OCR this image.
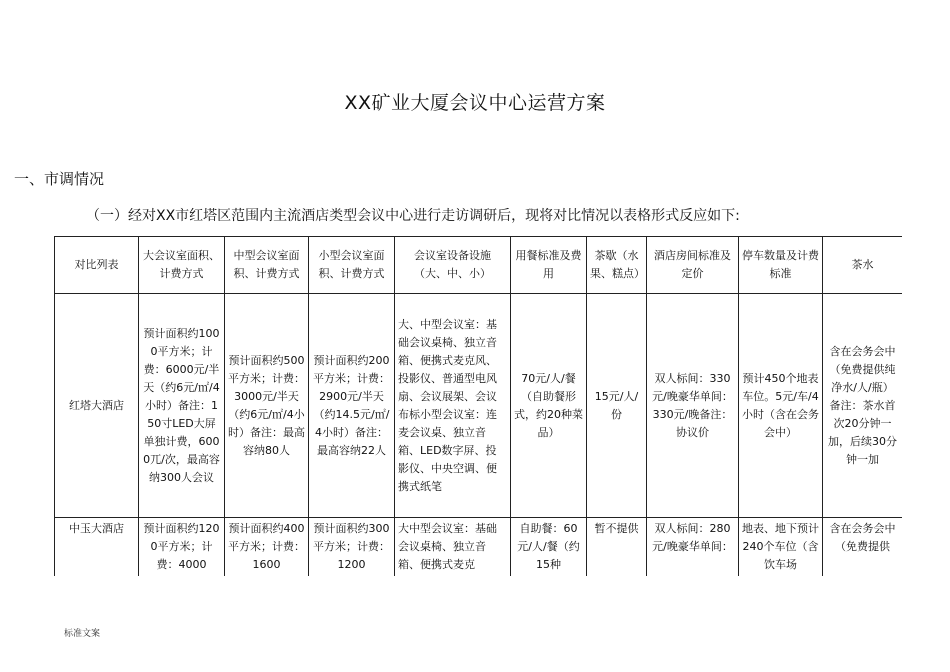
XX矿业大厦会议中心运营方案
一、市调情况
（一）经对XX市红塔区范围内主流酒店类型会议中心进行走访调研后，现将对比情况以表格形式反应如下:
对比列表	大会议室面积、计费方式	中型会议室面积、计费方式	小型会议室面积、计费方式	会议室设备设施（大、中、小）	用餐标准及费用	茶歇（水果、糕点）	酒店房间标准及定价	停车数量及计费标准	茶水
红塔大酒店	预计面积约1000平方米；计费：6000元/半天（约6元/㎡/4小时）备注：150寸LED大屏单独计费，6000兀/次，最高容纳300人会议	预计面积约500平方米；计费：3000元/半天（约6元/㎡/4小时）备注：最高容纳80人	预计面积约200平方米；计费：2900元/半天（约14.5元/㎡/4小时）备注：最高容纳22人	大、中型会议室：基础会议桌椅、独立音箱、便携式麦克风、投影仪、普通型电风扇、会议展架、会议布标小型会议室：连麦会议桌、独立音箱、LED数字屏、投影仪、中央空调、便携式纸笔	70元/人/餐（自助餐形式，约20种菜品）	15元/人/份	双人标间：330元/晚豪华单间：330元/晚备注：协议价	预计450个地表车位。5元/车/4小时（含在会务会中）	含在会务会中（免费提供纯净水/人/瓶）备注：茶水首次20分钟一加，后续30分钟一加
中玉大酒店	预计面积约1200平方米；计费：4000	预计面积约400平方米；计费：1600	预计面积约300平方米；计费：1200	大中型会议室：基础会议桌椅、独立音箱、便携式麦克	自助餐：60元/人/餐（约15种	暂不提供	双人标间：280元/晚豪华单间：	地表、地下预计240个车位（含饮车场	含在会务会中（免费提供
标准文案
